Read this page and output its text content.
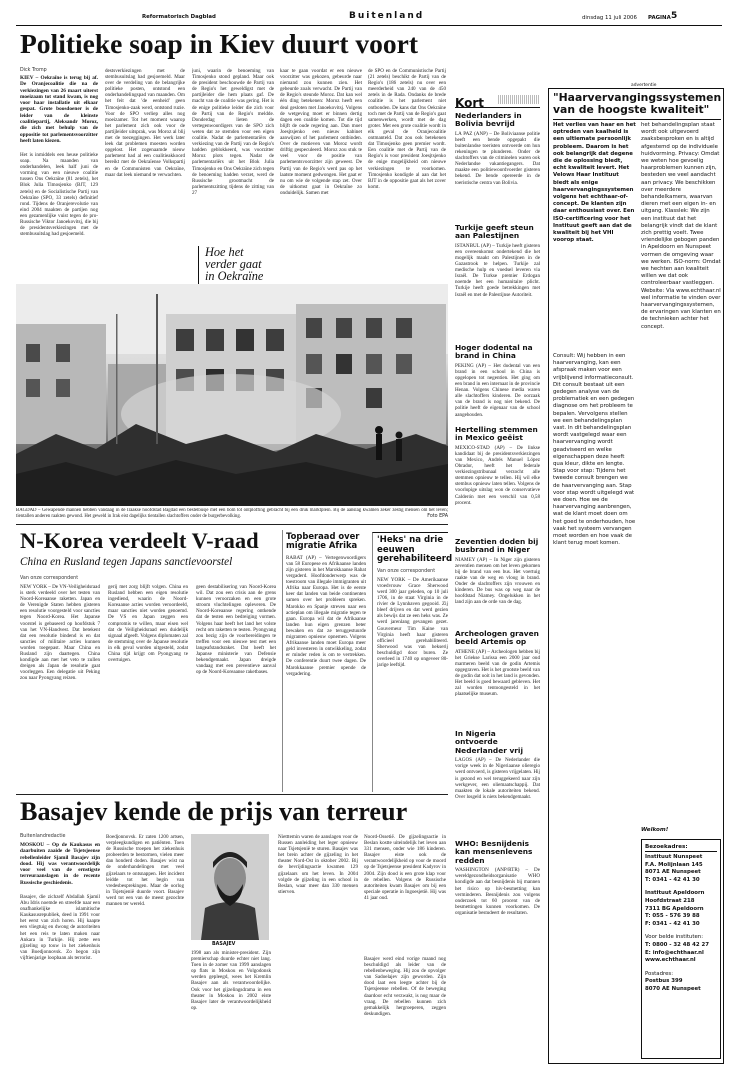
Reformatorisch Dagblad	Buitenland	dinsdag 11 juli 2006 PAGINA 5
Politieke soap in Kiev duurt voort
Dick Tromp
KIEV – Oekraïne is terug bij af. De Oranjecoalitie die na de verkiezingen van 26 maart uiterst moeizaam tot stand kwam, is nog voor haar installatie uit elkaar gespat. Grote boosdoener is de leider van de kleinste coalitiepartij, Aleksandr Moroz, die zich met behulp van de oppositie tot parlementsvoorzitter heeft laten kiezen.
Het is inmiddels een heuse politieke soap. Na maanden van onderhandelen, leek half juni de vorming van een nieuwe coalitie tussen Ons Oekraïne (81 zetels), het Blok Julia Timosjenko (BJT, 129 zetels) en de Socialistische Partij van Oekraïne (SPO, 33 zetels) definitief rond. Tijdens de Oranjerevolutie van eind 2004 maakten de partijen nog een gezamenlijke vuist tegen de pro-Russische Viktor Janoekovitsj, die bij de presidentsverkiezingen met de stembusuitslag had gesjoemeld.
destsverkiezingen met de stembusuitslag had gesjoemeld. Maar over de verdeling van de belangrijke politieke posten, ontstond een onderhandelingspad van maanden. Om het feit dat 'de eenheid' geen Timosjenko-zaak werd, ontstond ruzie. Voor de SPO verliep alles nog moeizamer. Tot het moment waarop het parlement zich ook voor de partijleider uitsprak, was Moroz al blij met de toezeggingen. Het werk later leek dat problemen moesten worden opgelost. Het zogenaamde nieuw parlement had al een coalitieakkoord bereikt met de Oekraïense Volkspartij en de Communisten van Oekraïne, maar dat leek niemand te verwachten.
juni, waarin de benoeming van Timosjenko stond gepland. Maar ook de president beschouwde de Partij van de Regio's het geweldigst met de partijleider die hem plaats gaf. De macht van de coalitie was gering. Het is de enige politieke leider die zich voor de Partij van de Regio's meldde. Donderdag lieten de vertegenwoordigers van de SPO zich weten dat ze stemden voor een eigen coalitie. Nadat de parlementariërs de verkiezing van de Partij van de Regio's hadden geblokkeerd, was voorzitter Moroz plots tegen. Nadat de parlementariërs uit het Blok Julia Timosjenko en Ons Oekraïne zich tegen de benoeming hadden verzet, werd de Russische grootmacht de parlementszitting tijdens de zitting van 27
Hoe het verder gaat in Oekraïne
kaar te gaan voordat er een nieuwe voorzitter was gekozen, gebeurde naar niemand zou kunnen zien. Het gebeurde zoals verwacht. De Partij van de Regio's steunde Moroz. Dat kan wel één ding betekenen: Moroz heeft een deal gesloten met Janoekovitsj. Volgens de wetgeving moet er binnen dertig dagen een coalitie komen. Tot die tijd blijft de oude regering aan. Dan moet Joesjtsjenko een nieuw kabinet aanwijzen of het parlement ontbinden. Over de motieven van Moroz wordt driftig gespeculeerd. Moroz zou stuk te veel voor de positie van parlementsvoorzitter zijn geweest. De Partij van de Regio's werd pas op het laatste moment gedwongen. Het gaat er nu om wie de volgende stap zet. Over de uitkomst gaat in Oekraïne zo onduidelijk. Samen met
de SPO en de Communistische Partij (21 zetels) beschikt de Partij van de Regio's (186 zetels) nu over een meerderheid van 240 van de 450 zetels in de Rada. Ondanks de brede coalitie is het parlement niet ontbonden. De kans dat Ons Oekraïne toch met de Partij van de Regio's gaat samenwerken, wordt met de dag groter. Met een grote coalitie wordt in elk geval de Oranjecoalitie ontmanteld. Dat zou ook betekenen dat Timosjenko geen premier wordt. Een coalitie met de Partij van de Regio's is voor president Joesjtsjenko de enige mogelijkheid om nieuwe verkiezingen te voorkomen. Timosjenko kondigde al aan dat het BJT in de oppositie gaat als het zover komt.
Kort
Nederlanders in Bolivia bevrijd
LA PAZ (ANP) – De Boliviaanse politie heeft een bende opgepakt die buitenlandse toeristen ontvoerde om hun rekeningen te plunderen. Onder de slachtoffers van de criminelen waren ook Nederlandse vakantiegangers. Dat maakte een politiewoordvoerder gisteren bekend. De bende opereerde in de toeristische centra van Bolivia.
Turkije geeft steun aan Palestijnen
ISTANBUL (AP) – Turkije heeft gisteren een overeenkomst ondertekend die het mogelijk maakt om Palestijnen in de Gazastrook te helpen. Turkije zal medische hulp en voedsel leveren via Israël. De Turkse premier Erdogan noemde het een humanitaire plicht. Turkije heeft goede betrekkingen met Israël en met de Palestijnse Autoriteit.
Hoger dodental na brand in China
PEKING (AP) – Het dodental van een brand in een school in China is opgelopen tot negentien. Het ging om een brand in een internaat in de provincie Henan. Volgens Chinese media waren alle slachtoffers kinderen. De oorzaak van de brand is nog niet bekend. De politie heeft de eigenaar van de school aangehouden.
Hertelling stemmen in Mexico geëist
MEXICO-STAD (AP) – De linkse kandidaat bij de presidentsverkiezingen van Mexico, Andrés Manuel López Obrador, heeft het federale verkiezingstribunaal verzocht alle stemmen opnieuw te tellen. Hij wil elke stembus opnieuw laten tellen. Volgens de voorlopige uitslag won de conservatieve Calderón met een verschil van 0,58 procent.
Zeventien doden bij busbrand in Niger
NIAMEY (AP) – In Niger zijn gisteren zeventien mensen om het leven gekomen bij de brand van een bus. Het voertuig raakte van de weg en vloog in brand. Onder de slachtoffers zijn vrouwen en kinderen. De bus was op weg naar de hoofdstad Niamey. Ongelukken in het land zijn aan de orde van de dag.
Archeologen graven beeld Artemis op
ATHENE (AP) – Archeologen hebben bij het Griekse Larissa een 2000 jaar oud marmeren beeld van de godin Artemis opgegraven. Het is het grootste beeld van de godin dat ooit in het land is gevonden. Het beeld is goed bewaard gebleven. Het zal worden tentoongesteld in het plaatselijke museum.
In Nigeria ontvoerde Nederlander vrij
LAGOS (AP) – De Nederlander die vorige week in de Nigeriaanse olieregio werd ontvoerd, is gisteren vrijgelaten. Hij is gezond en wel teruggekeerd naar zijn werkgever, een oliemaatschappij. Dat maakten de lokale autoriteiten bekend. Over losgeld is niets bekendgemaakt.
WHO: Besnijdenis kan mensenlevens redden
WASHINGTON (ANP/RTR) – De wereldgezondheidsorganisatie WHO kondigde aan dat besnijdenis bij mannen het risico op hiv-besmetting kan verminderen. Besnijdenis zou volgens onderzoek tot 60 procent van de besmettingen kunnen voorkomen. De organisatie bestudeert de resultaten.
advertentie
"Haarvervangingssystemen van de hoogste kwaliteit"
Het verlies van haar en het optreden van kaalheid is een ultiemate persoonlijk probleem. Daarom is het ook belangrijk dat degene die de oplossing biedt, echt kwaliteit levert. Het Velows Haar Instituut biedt als enige haarvervangingssystemen volgens het echthaar-of-concept. De klanten zijn daar enthousiast over. Een ISO-certificering voor het Instituut geeft aan dat de kwaliteit bij het VHI voorop staat.
Consult: Wij hebben in een haarvervanging, kan een afspraak maken voor een vrijblijvend informatieconsult. Dit consult bestaat uit een gedegen analyse van de problematiek en een gedegen diagnose om het probleem te bepalen. Vervolgens stellen we een behandelingsplan vast. In dit behandelingsplan wordt vastgelegd waar een haarvervanging wordt geadviseerd en welke eigenschappen deze heeft qua kleur, dikte en lengte. Stap voor stap: Tijdens het tweede consult brengen we de haarvervanging aan. Stap voor stap wordt uitgelegd wat we doen. Hoe we de haarvervanging aanbrengen, wat de klant moet doen om het goed te onderhouden, hoe vaak het systeem vervangen moet worden en hoe vaak de klant terug moet komen.
het behandelingsplan staat wordt ook uitgevoerd zaaksbesproken en is altijd afgestemd op de individuele huidvorming. Privacy: Omdat we weten hoe gevoelig haarproblemen kunnen zijn, besteden we veel aandacht aan privacy. We beschikken over meerdere behandelkamers, waarvan dieren met een eigen in- en uitgang. Klasslek: We zijn een instituut dat het belangrijk vindt dat de klant zich prettig voelt. Twee vriendelijke gebogen panden in Apeldoorn en Nunspeet vormen de omgeving waar we werken. ISO-norm: Omdat we hechten aan kwaliteit willen we dat ook controleerbaar vastleggen. Website: Via www.echthaar.nl wel informatie te vinden over haarvervangingssystemen, de ervaringen van klanten en de technieken achter het concept.
Welkom!
Bezoekadres:
Instituut Nunspeet
F.A. Molijnlaan 145
8071 AE Nunspeet
T: 0341 - 42 41 30
Instituut Apeldoorn
Hoofdstraat 218
7311 BG Apeldoorn
T: 055 - 576 39 88
F: 0341 - 42 41 30
Voor belde instituten:
T: 0800 - 32 48 42 27
E: info@echthaar.nl
www.echthaar.nl
Postadres:
Postbus 399
8070 AE Nunspeet
BAGDAD – Gewapende mannen hebben vandaag in de Iraakse hoofdstad Bagdad een bestelbusje met een bom tot ontploffing gebracht bij een druk marktplein. Bij de aanslag kwamen zeker zestig mensen om het leven; tientallen anderen raakten gewond. Het geweld in Irak eist dagelijks tientallen slachtoffers onder de burgerbevolking.	Foto EPA
N-Korea verdeelt V-raad
China en Rusland tegen Japans sanctievoorstel
Van onze correspondent
NEW YORK – De VN-Veiligheidsraad is sterk verdeeld over het testen van Noord-Koreaanse raketten. Japan en de Verenigde Staten hebben gisteren een resolutie voorgesteld voor sancties tegen Noord-Korea. Het Japanse voorstel is gebaseerd op hoofdstuk 7 van het VN-Handvest. Dat betekent dat een resolutie bindend is en dat sancties of militaire acties kunnen worden toegepast. Maar China en Rusland zijn daartegen. China kondigde aan met het veto te zullen dreigen als Japan de resolutie gaat voorleggen. Een delegatie uit Peking zou naar Pyongyang reizen.
gerij met zorg blijft volgen. China en Rusland hebben een eigen resolutie ingediend, waarin de Noord-Koreaanse acties worden veroordeeld, maar sancties niet worden genoemd. De VS en Japan zeggen een compromis te willen, maar eisen wel dat de Veiligheidsraad een duidelijk signaal afgeeft. Volgens diplomaten zal de stemming over de Japanse resolutie in elk geval worden uitgesteld, zodat China tijd krijgt om Pyongyang te overtuigen.
geen destabilisering van Noord-Korea wil. Dat zou een crisis aan de grens kunnen veroorzaken en een grote stroom vluchtelingen opleveren. De Noord-Koreaanse regering ontkende dat de testen een bedreiging vormen. Volgens haar heeft het land het volste recht om raketten te testen. Pyongyang zou bezig zijn de voorbereidingen te treffen voor een nieuwe test met een langeafstandsraket. Dat heeft het Japanse ministerie van Defensie bekendgemaakt. Japan dreigde vandaag met een preventieve aanval op de Noord-Koreaanse raketbases.
Topberaad over migratie Afrika
RABAT (AP) – Vertegenwoordigers van 58 Europese en Afrikaanse landen zijn gisteren in het Marokkaanse Rabat vergaderd. Hoofdonderwerp was de toestroom van illegale immigranten uit Afrika naar Europa. Het is de eerste keer dat landen van beide continenten samen over het probleem spreken. Marokko en Spanje streven naar een actieplan om illegale migratie tegen te gaan. Europa wil dat de Afrikaanse landen hun eigen grenzen beter bewaken en dat ze teruggestuurde migranten opnieuw opnemen. Volgens Afrikaanse landen moet Europa meer geld investeren in ontwikkeling, zodat er minder reden is om te vertrekken. De conferentie duurt twee dagen. De Marokkaanse premier opende de vergadering.
'Heks' na drie eeuwen gerehabiliteerd
Van onze correspondent
NEW YORK – De Amerikaanse vroedvrouw Grace Sherwood werd 300 jaar geleden, op 10 juli 1706, in de staat Virginia in de rivier de Lynnhaven gegooid. Zij bleef drijven en dat werd gezien als bewijs dat ze een heks was. Ze werd jarenlang gevangen gezet. Gouverneur Tim Kaine van Virginia heeft haar gisteren officieel gerehabiliteerd. Sherwood was van hekserij beschuldigd door buren. Ze overleed in 1740 op ongeveer 80-jarige leeftijd.
Basajev kende de prijs van terreur
Buitenlandredactie
MOSKOU – Op de Kaukasus en daarbuiten zaaide de Tsjetsjeense rebellenleider Sjamil Basajev zijn dood. Hij was verantwoordelijk voor veel van de ernstigste terreuraanslagen in de recente Russische geschiedenis.
Basajev, die zichzelf Abdallah Sjamil Abu Idris noemde en streefde naar een onafhankelijke islamitische Kaukasusrepubliek, deed in 1991 voor het eerst van zich horen. Hij kaapte een vliegtuig en dwong de autoriteiten het een reis te laten maken naar Ankara in Turkije. Hij zette een gijzeling op touw in het ziekenhuis van Boedjonnovsk. Zo begon zijn vijftienjarige loopbaan als terrorist.
Boedjonnovsk. Er zaten 1200 artsen, verpleegkundigen en patiënten. Toen de Russische troepen het ziekenhuis probeerden te bestormen, vielen meer dan honderd doden. Basajev wist na de onderhandelingen met veel gijzelaars te ontsnappen. Het incident leidde tot het begin van vredesbesprekingen. Maar de oorlog in Tsjetsjenië duurde voort. Basajev werd tot een van de meest gezochte mannen ter wereld.
BASAJEV
1998 aan als minister-president. Zijn premierschap duurde echter niet lang. Toen in de zomer van 1999 aanslagen op flats in Moskou en Volgodonsk werden gepleegd, wees het Kremlin Basajev aan als verantwoordelijke. Ook voor het gijzelingsdrama in een theater in Moskou in 2002 eiste Basajev later de verantwoordelijkheid op.
Nietttemin waren de aanslagen voor de Russen aanleiding het leger opnieuw naar Tsjetsjenië te sturen. Basajev was het brein achter de gijzeling in het theater Nord-Ost in oktober 2002. Bij de bevrijdingsactie kwamen 129 gijzelaars om het leven. In 2004 volgde de gijzeling in een school in Beslan, waar meer dan 330 mensen stierven.
Noord-Ossetië. De gijzelingsactie in Beslan kostte uiteindelijk het leven aan 331 mensen, onder wie 186 kinderen. Basajev eiste ook de verantwoordelijkheid op voor de moord op de Tsjetsjeense president Kadyrov in 2004. Zijn dood is een grote klap voor de rebellen. Volgens de Russische autoriteiten kwam Basajev om bij een speciale operatie in Ingoesjetië. Hij was 41 jaar oud.
Basajev werd eind vorige maand nog beschuldigd als leider van de rebellenbeweging. Hij zou de opvolger van Sadoelajev zijn geworden. Zijn dood laat een leegte achter bij de Tsjetsjeense rebellen. Of de beweging daardoor echt verzwakt, is nog maar de vraag. De rebellen kunnen zich gemakkelijk hergroeperen, zeggen deskundigen.
